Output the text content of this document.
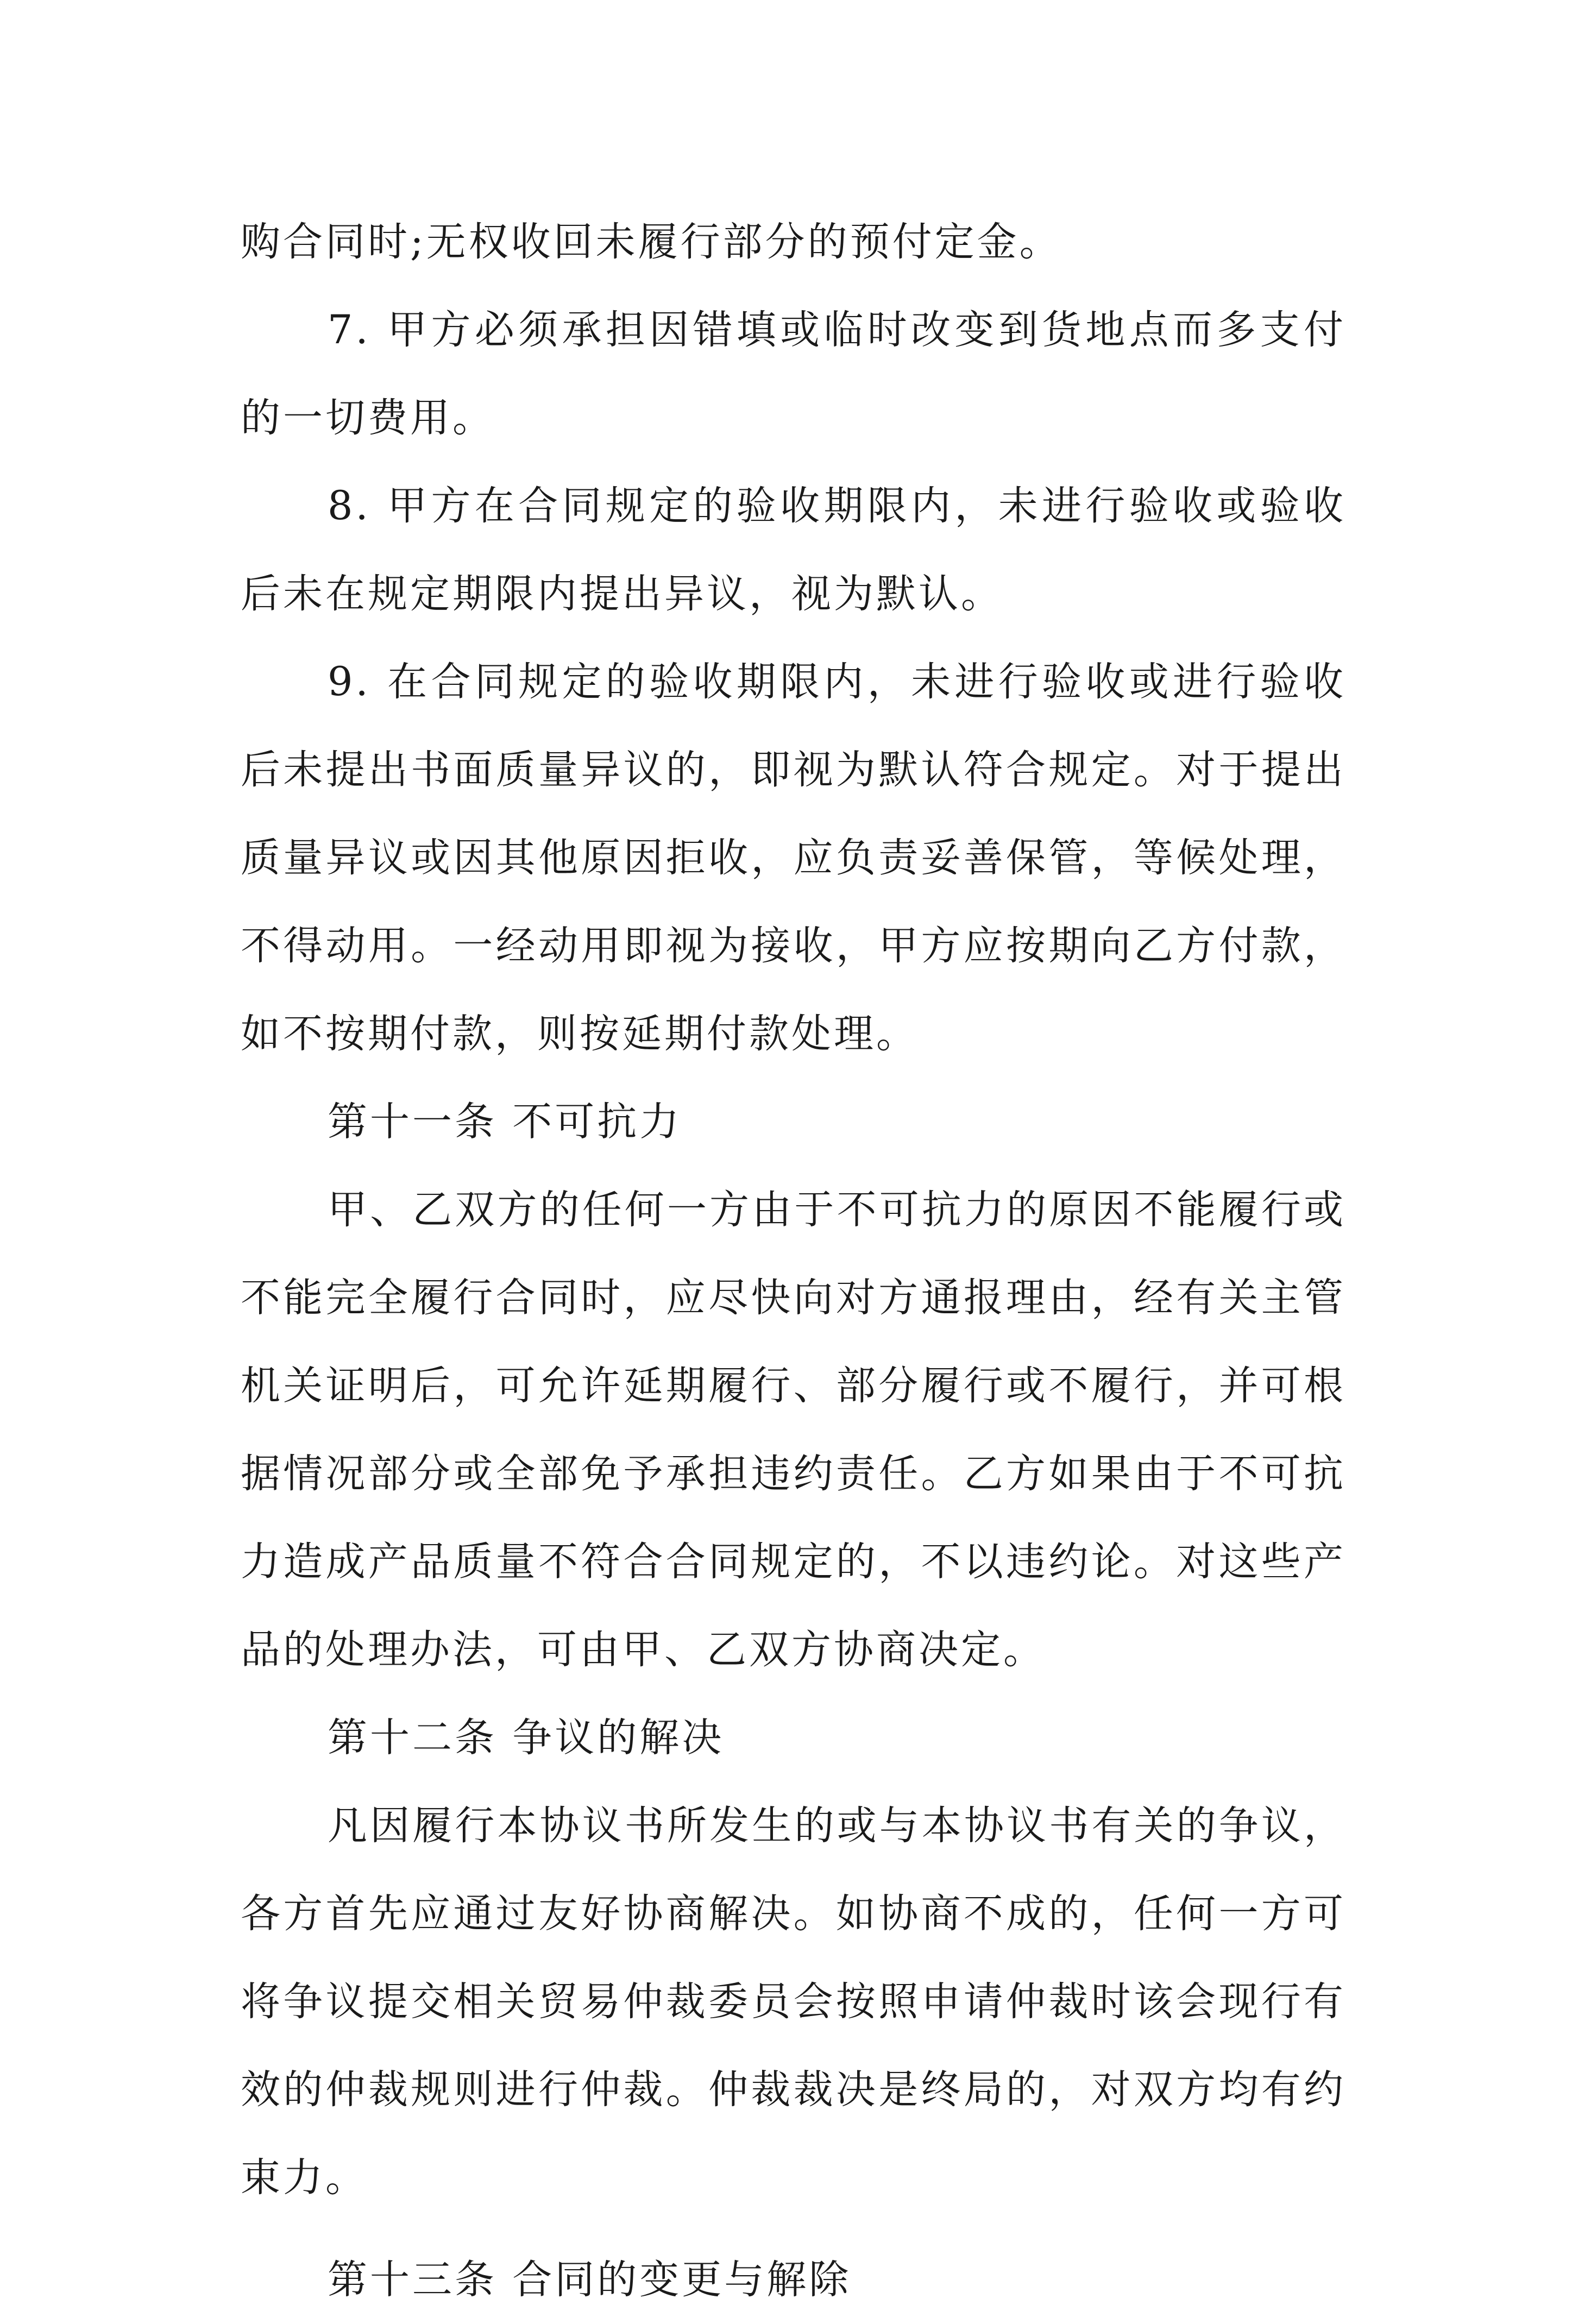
购合同时;无权收回未履行部分的预付定金。

7. 甲方必须承担因错填或临时改变到货地点而多支付的一切费用。

8. 甲方在合同规定的验收期限内，未进行验收或验收后未在规定期限内提出异议，视为默认。

9. 在合同规定的验收期限内，未进行验收或进行验收后未提出书面质量异议的，即视为默认符合规定。对于提出质量异议或因其他原因拒收，应负责妥善保管，等候处理，不得动用。一经动用即视为接收，甲方应按期向乙方付款，如不按期付款，则按延期付款处理。

第十一条 不可抗力

甲、乙双方的任何一方由于不可抗力的原因不能履行或不能完全履行合同时，应尽快向对方通报理由，经有关主管机关证明后，可允许延期履行、部分履行或不履行，并可根据情况部分或全部免予承担违约责任。乙方如果由于不可抗力造成产品质量不符合合同规定的，不以违约论。对这些产品的处理办法，可由甲、乙双方协商决定。

第十二条 争议的解决

凡因履行本协议书所发生的或与本协议书有关的争议，各方首先应通过友好协商解决。如协商不成的，任何一方可将争议提交相关贸易仲裁委员会按照申请仲裁时该会现行有效的仲裁规则进行仲裁。仲裁裁决是终局的，对双方均有约束力。

第十三条 合同的变更与解除
